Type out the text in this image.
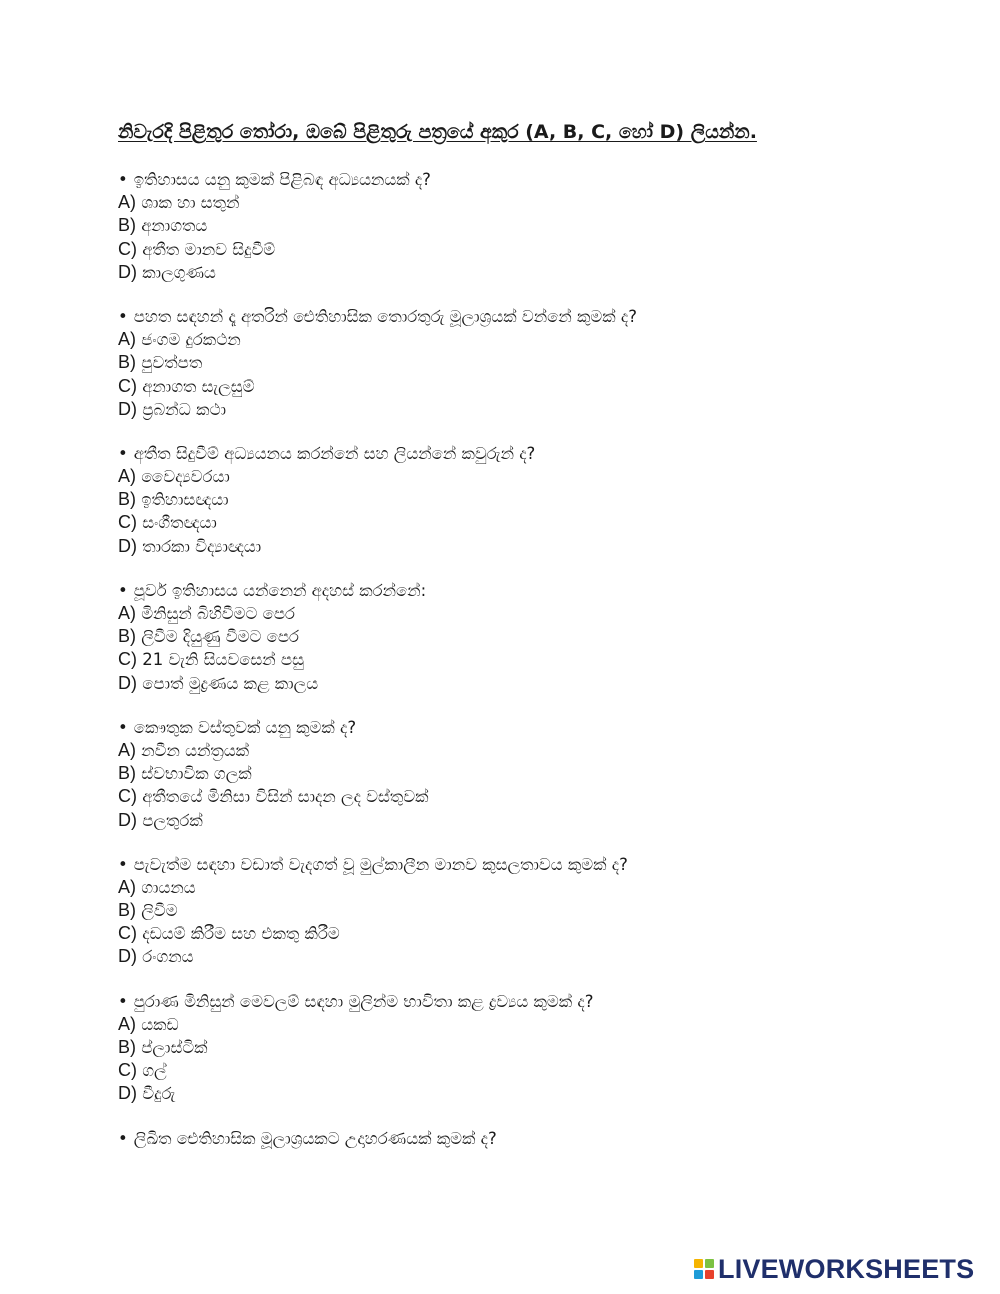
නිවැරදි පිළිතුර තෝරා, ඔබේ පිළිතුරු පත්‍රයේ අකුර (A, B, C, හෝ D) ලියන්න.
• ඉතිහාසය යනු කුමක් පිළිබඳ අධ්‍යයනයක් ද?
A) ශාක හා සතුන්
B) අනාගතය
C) අතීත මානව සිදුවීම්
D) කාලගුණය
• පහත සඳහන් දෑ අතරින් ඓතිහාසික තොරතුරු මූලාශ්‍රයක් වන්නේ කුමක් ද?
A) ජංගම දුරකථන
B) පුවත්පත
C) අනාගත සැලසුම්
D) ප්‍රබන්ධ කථා
• අතීත සිදුවීම් අධ්‍යයනය කරන්නේ සහ ලියන්නේ කවුරුන් ද?
A) වෛද්‍යවරයා
B) ඉතිහාසඥයා
C) සංගීතඥයා
D) තාරකා විද්‍යාඥයා
• පූර්ව ඉතිහාසය යන්නෙන් අදහස් කරන්නේ:
A) මිනිසුන් බිහිවීමට පෙර
B) ලිවීම දියුණු වීමට පෙර
C) 21 වැනි සියවසෙන් පසු
D) පොත් මුද්‍රණය කළ කාලය
• කෞතුක වස්තුවක් යනු කුමක් ද?
A) නවීන යන්ත්‍රයක්
B) ස්වභාවික ගලක්
C) අතීතයේ මිනිසා විසින් සාදන ලද වස්තුවක්
D) පලතුරක්
• පැවැත්ම සඳහා වඩාත් වැදගත් වූ මුල්කාලීන මානව කුසලතාවය කුමක් ද?
A) ගායනය
B) ලිවීම
C) දඩයම් කිරීම සහ එකතු කිරීම
D) රංගනය
• පුරාණ මිනිසුන් මෙවලම් සඳහා මුලින්ම භාවිතා කළ ද්‍රව්‍යය කුමක් ද?
A) යකඩ
B) ප්ලාස්ටික්
C) ගල්
D) වීදුරු
• ලිඛිත ඓතිහාසික මූලාශ්‍රයකට උදාහරණයක් කුමක් ද?
LIVEWORKSHEETS
